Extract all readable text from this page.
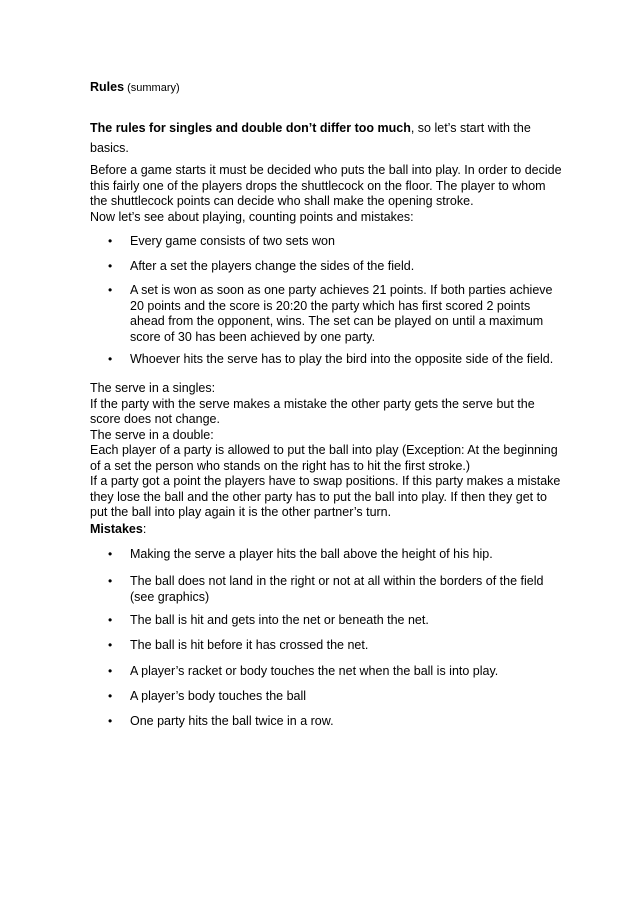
Rules (summary)
The rules for singles and double don’t differ too much, so let’s start with the
basics.
Before a game starts it must be decided who puts the ball into play. In order to decide
this fairly one of the players drops the shuttlecock on the floor. The player to whom
the shuttlecock points can decide who shall make the opening stroke.
Now let’s see about playing, counting points and mistakes:
• Every game consists of two sets won
• After a set the players change the sides of the field.
• A set is won as soon as one party achieves 21 points. If both parties achieve
20 points and the score is 20:20 the party which has first scored 2 points
ahead from the opponent, wins. The set can be played on until a maximum
score of 30 has been achieved by one party.
• Whoever hits the serve has to play the bird into the opposite side of the field.
The serve in a singles:
If the party with the serve makes a mistake the other party gets the serve but the
score does not change.
The serve in a double:
Each player of a party is allowed to put the ball into play (Exception: At the beginning
of a set the person who stands on the right has to hit the first stroke.)
If a party got a point the players have to swap positions. If this party makes a mistake
they lose the ball and the other party has to put the ball into play. If then they get to
put the ball into play again it is the other partner’s turn.
Mistakes:
• Making the serve a player hits the ball above the height of his hip.
• The ball does not land in the right or not at all within the borders of the field
(see graphics)
• The ball is hit and gets into the net or beneath the net.
• The ball is hit before it has crossed the net.
• A player’s racket or body touches the net when the ball is into play.
• A player’s body touches the ball
• One party hits the ball twice in a row.
